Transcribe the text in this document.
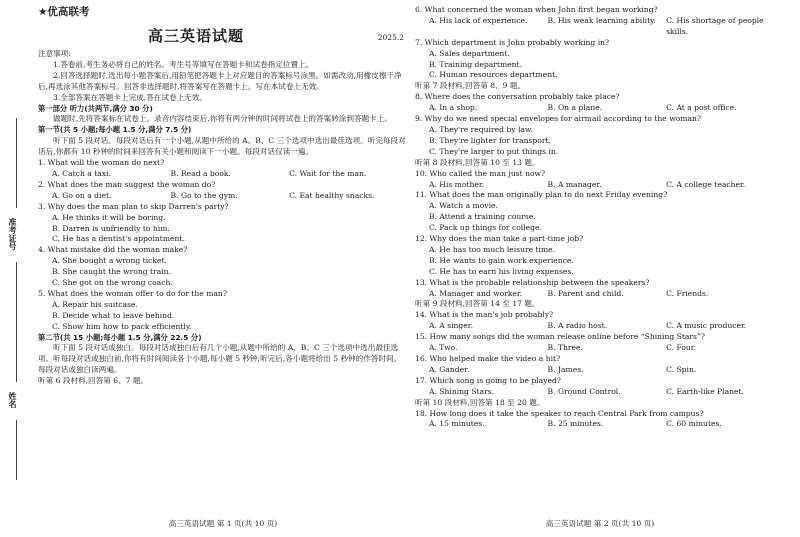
准考证号
姓名
★优高联考
高三英语试题	2025.2

注意事项:

1.答卷前,考生务必将自己的姓名、考生号等填写在答题卡和试卷指定位置上。

2.回答选择题时,选出每小题答案后,用铅笔把答题卡上对应题目的答案标号涂黑。如需改动,用橡皮擦干净后,再选涂其他答案标号。回答非选择题时,将答案写在答题卡上。写在本试卷上无效。

3.全部答案在答题卡上完成,答在试卷上无效。

第一部分 听力(共两节,满分 30 分)

做题时,先将答案标在试卷上。录音内容结束后,你将有两分钟的时间将试卷上的答案转涂到答题卡上。

第一节(共 5 小题;每小题 1.5 分,满分 7.5 分)

听下面 5 段对话。每段对话后有一个小题,从题中所给的 A、B、C 三个选项中选出最佳选项。听完每段对话后,你都有 10 秒钟的时间来回答有关小题和阅读下一小题。每段对话仅读一遍。

1. What will the woman do next?

A. Catch a taxi.	B. Read a book.	C. Wait for the man.

2. What does the man suggest the woman do?

A. Go on a diet.	B. Go to the gym.	C. Eat healthy snacks.

3. Why does the man plan to skip Darren's party?

A. He thinks it will be boring.

B. Darren is unfriendly to him.

C. He has a dentist's appointment.

4. What mistake did the woman make?

A. She bought a wrong ticket.

B. She caught the wrong train.

C. She got on the wrong coach.

5. What does the woman offer to do for the man?

A. Repair his suitcase.

B. Decide what to leave behind.

C. Show him how to pack efficiently.

第二节(共 15 小题;每小题 1.5 分,满分 22.5 分)

听下面 5 段对话或独白。每段对话或独白后有几个小题,从题中所给的 A、B、C 三个选项中选出最佳选项。听每段对话或独白前,你将有时间阅读各个小题,每小题 5 秒钟;听完后,各小题将给出 5 秒钟的作答时间。每段对话或独白读两遍。

听第 6 段材料,回答第 6、7 题。

高三英语试题 第 1 页(共 10 页)

6. What concerned the woman when John first began working?

A. His lack of experience.	B. His weak learning ability.	C. His shortage of people skills.

7. Which department is John probably working in?

A. Sales department.

B. Training department.

C. Human resources department.

听第 7 段材料,回答第 8、9 题。

8. Where does the conversation probably take place?

A. In a shop.	B. On a plane.	C. At a post office.

9. Why do we need special envelopes for airmail according to the woman?

A. They're required by law.

B. They're lighter for transport.

C. They're larger to put things in.

听第 8 段材料,回答第 10 至 13 题。

10. Who called the man just now?

A. His mother.	B. A manager.	C. A college teacher.

11. What does the man originally plan to do next Friday evening?

A. Watch a movie.

B. Attend a training course.

C. Pack up things for college.

12. Why does the man take a part-time job?

A. He has too much leisure time.

B. He wants to gain work experience.

C. He has to earn his living expenses.

13. What is the probable relationship between the speakers?

A. Manager and worker.	B. Parent and child.	C. Friends.

听第 9 段材料,回答第 14 至 17 题。

14. What is the man's job probably?

A. A singer.	B. A radio host.	C. A music producer.

15. How many songs did the woman release online before “Shining Stars”?

A. Two.	B. Three.	C. Four.

16. Who helped make the video a hit?

A. Gander.	B. James.	C. Spin.

17. Which song is going to be played?

A. Shining Stars.	B. Ground Control.	C. Earth-like Planet.

听第 10 段材料,回答第 18 至 20 题。

18. How long does it take the speaker to reach Central Park from campus?

A. 15 minutes.	B. 25 minutes.	C. 60 minutes.
高三英语试题 第 2 页(共 10 页)
